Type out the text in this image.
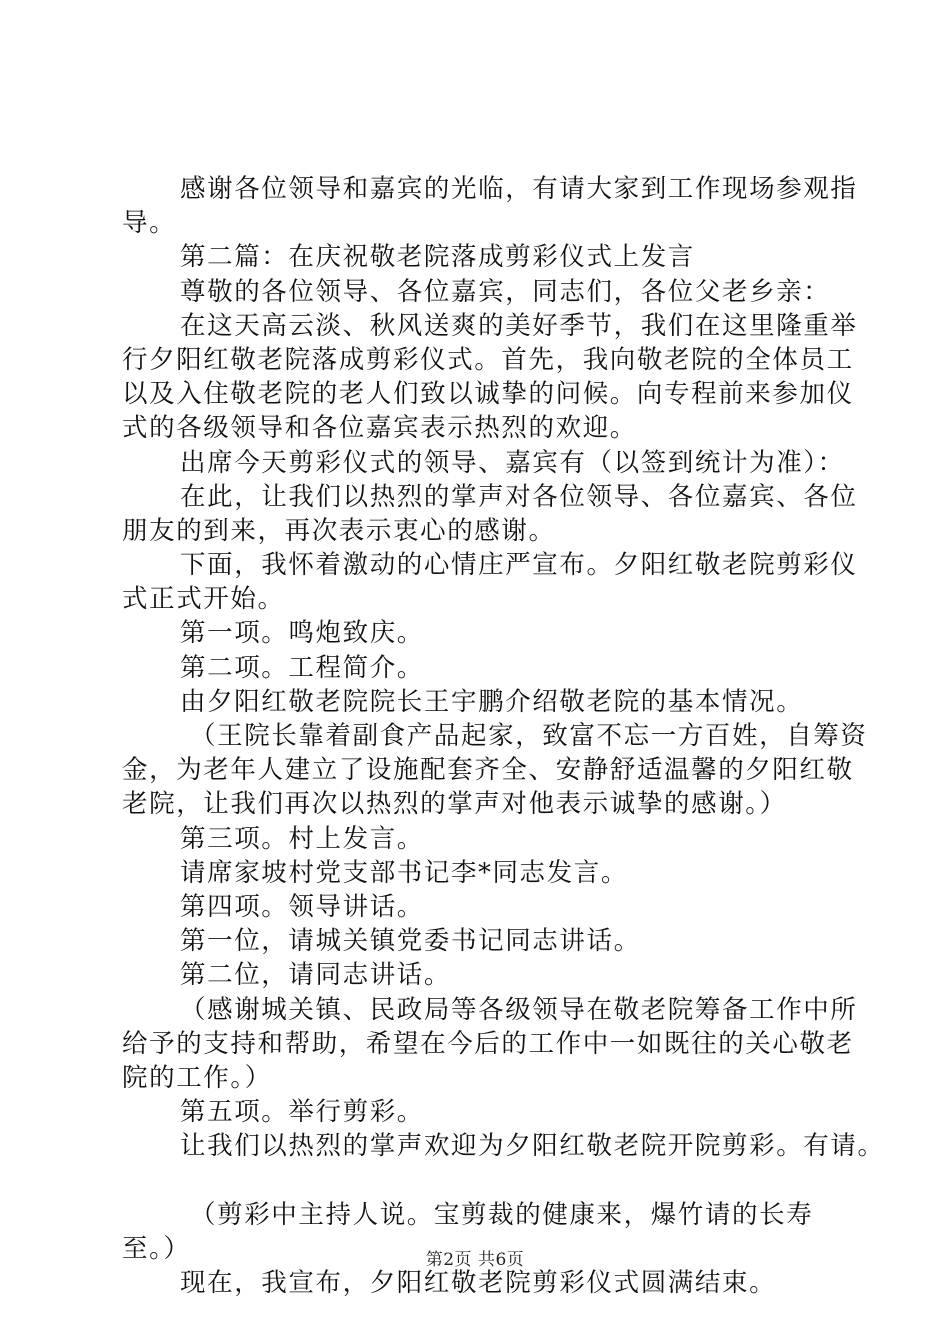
感谢各位领导和嘉宾的光临，有请大家到工作现场参观指
导。
第二篇：在庆祝敬老院落成剪彩仪式上发言
尊敬的各位领导、各位嘉宾，同志们，各位父老乡亲：
在这天高云淡、秋风送爽的美好季节，我们在这里隆重举
行夕阳红敬老院落成剪彩仪式。首先，我向敬老院的全体员工
以及入住敬老院的老人们致以诚挚的问候。向专程前来参加仪
式的各级领导和各位嘉宾表示热烈的欢迎。
出席今天剪彩仪式的领导、嘉宾有（以签到统计为准）：
在此，让我们以热烈的掌声对各位领导、各位嘉宾、各位
朋友的到来，再次表示衷心的感谢。
下面，我怀着激动的心情庄严宣布。夕阳红敬老院剪彩仪
式正式开始。
第一项。鸣炮致庆。
第二项。工程简介。
由夕阳红敬老院院长王宇鹏介绍敬老院的基本情况。
（王院长靠着副食产品起家，致富不忘一方百姓，自筹资
金，为老年人建立了设施配套齐全、安静舒适温馨的夕阳红敬
老院，让我们再次以热烈的掌声对他表示诚挚的感谢。）
第三项。村上发言。
请席家坡村党支部书记李*同志发言。
第四项。领导讲话。
第一位，请城关镇党委书记同志讲话。
第二位，请同志讲话。
（感谢城关镇、民政局等各级领导在敬老院筹备工作中所
给予的支持和帮助，希望在今后的工作中一如既往的关心敬老
院的工作。）
第五项。举行剪彩。
让我们以热烈的掌声欢迎为夕阳红敬老院开院剪彩。有请。
（剪彩中主持人说。宝剪裁的健康来，爆竹请的长寿
至。）
现在，我宣布，夕阳红敬老院剪彩仪式圆满结束。
第2页 共6页
